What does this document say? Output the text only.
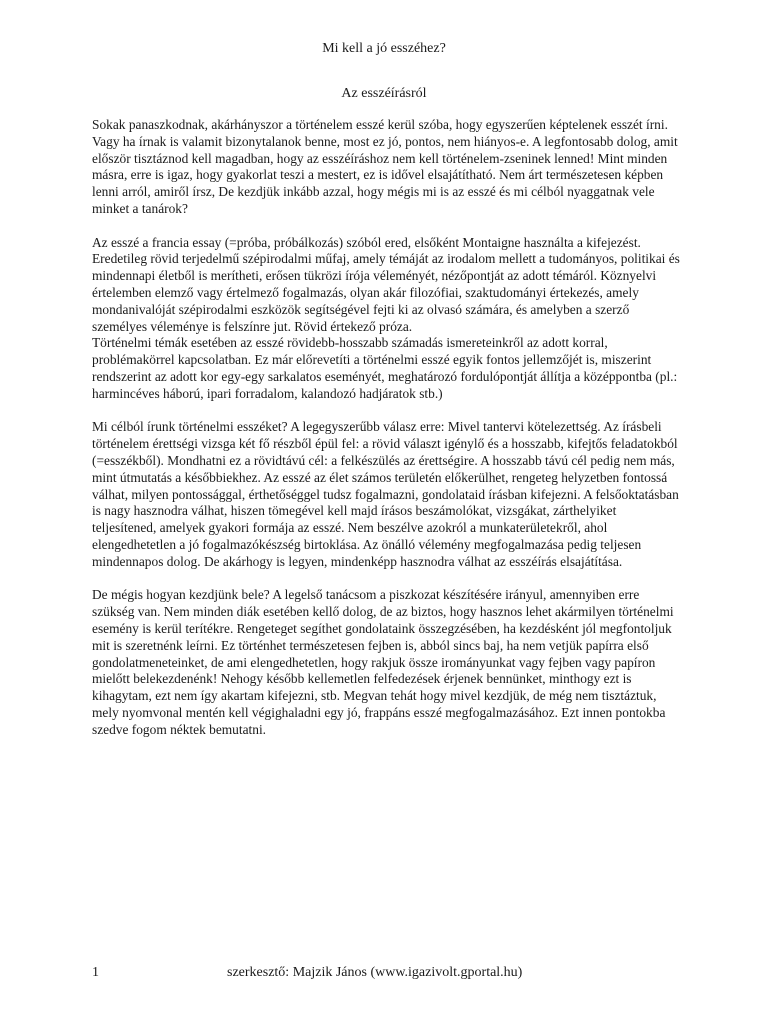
Mi kell a jó esszéhez?
Az esszéírásról

Sokak panaszkodnak, akárhányszor a történelem esszé kerül szóba, hogy egyszerűen képtelenek esszét írni. Vagy ha írnak is valamit bizonytalanok benne, most ez jó, pontos, nem hiányos-e. A legfontosabb dolog, amit először tisztáznod kell magadban, hogy az esszéíráshoz nem kell történelem-zseninek lenned! Mint minden másra, erre is igaz, hogy gyakorlat teszi a mestert, ez is idővel elsajátítható. Nem árt természetesen képben lenni arról, amiről írsz, De kezdjük inkább azzal, hogy mégis mi is az esszé és mi célból nyaggatnak vele minket a tanárok?

Az esszé a francia essay (=próba, próbálkozás) szóból ered, elsőként Montaigne használta a kifejezést. Eredetileg rövid terjedelmű szépirodalmi műfaj, amely témáját az irodalom mellett a tudományos, politikai és mindennapi életből is merítheti, erősen tükrözi írója véleményét, nézőpontját az adott témáról. Köznyelvi értelemben elemző vagy értelmező fogalmazás, olyan akár filozófiai, szaktudományi értekezés, amely mondanivalóját szépirodalmi eszközök segítségével fejti ki az olvasó számára, és amelyben a szerző személyes véleménye is felszínre jut. Rövid értekező próza.

Történelmi témák esetében az esszé rövidebb-hosszabb számadás ismereteinkről az adott korral, problémakörrel kapcsolatban. Ez már előrevetíti a történelmi esszé egyik fontos jellemzőjét is, miszerint rendszerint az adott kor egy-egy sarkalatos eseményét, meghatározó fordulópontját állítja a középpontba (pl.: harmincéves háború, ipari forradalom, kalandozó hadjáratok stb.)

Mi célból írunk történelmi esszéket? A legegyszerűbb válasz erre: Mivel tantervi kötelezettség. Az írásbeli történelem érettségi vizsga két fő részből épül fel: a rövid választ igénylő és a hosszabb, kifejtős feladatokból (=esszékből). Mondhatni ez a rövidtávú cél: a felkészülés az érettségire. A hosszabb távú cél pedig nem más, mint útmutatás a későbbiekhez. Az esszé az élet számos területén előkerülhet, rengeteg helyzetben fontossá válhat, milyen pontossággal, érthetőséggel tudsz fogalmazni, gondolataid írásban kifejezni. A felsőoktatásban is nagy hasznodra válhat, hiszen tömegével kell majd írásos beszámolókat, vizsgákat, zárthelyiket teljesítened, amelyek gyakori formája az esszé. Nem beszélve azokról a munkaterületekről, ahol elengedhetetlen a jó fogalmazókészség birtoklása. Az önálló vélemény megfogalmazása pedig teljesen mindennapos dolog. De akárhogy is legyen, mindenképp hasznodra válhat az esszéírás elsajátítása.

De mégis hogyan kezdjünk bele? A legelső tanácsom a piszkozat készítésére irányul, amennyiben erre szükség van. Nem minden diák esetében kellő dolog, de az biztos, hogy hasznos lehet akármilyen történelmi esemény is kerül terítékre. Rengeteget segíthet gondolataink összegzésében, ha kezdésként jól megfontoljuk mit is szeretnénk leírni. Ez történhet természetesen fejben is, abból sincs baj, ha nem vetjük papírra első gondolatmeneteinket, de ami elengedhetetlen, hogy rakjuk össze irományunkat vagy fejben vagy papíron mielőtt belekezdenénk! Nehogy később kellemetlen felfedezések érjenek bennünket, minthogy ezt is kihagytam, ezt nem így akartam kifejezni, stb. Megvan tehát hogy mivel kezdjük, de még nem tisztáztuk, mely nyomvonal mentén kell végighaladni egy jó, frappáns esszé megfogalmazásához. Ezt innen pontokba szedve fogom néktek bemutatni.

1	szerkesztő: Majzik János (www.igazivolt.gportal.hu)
